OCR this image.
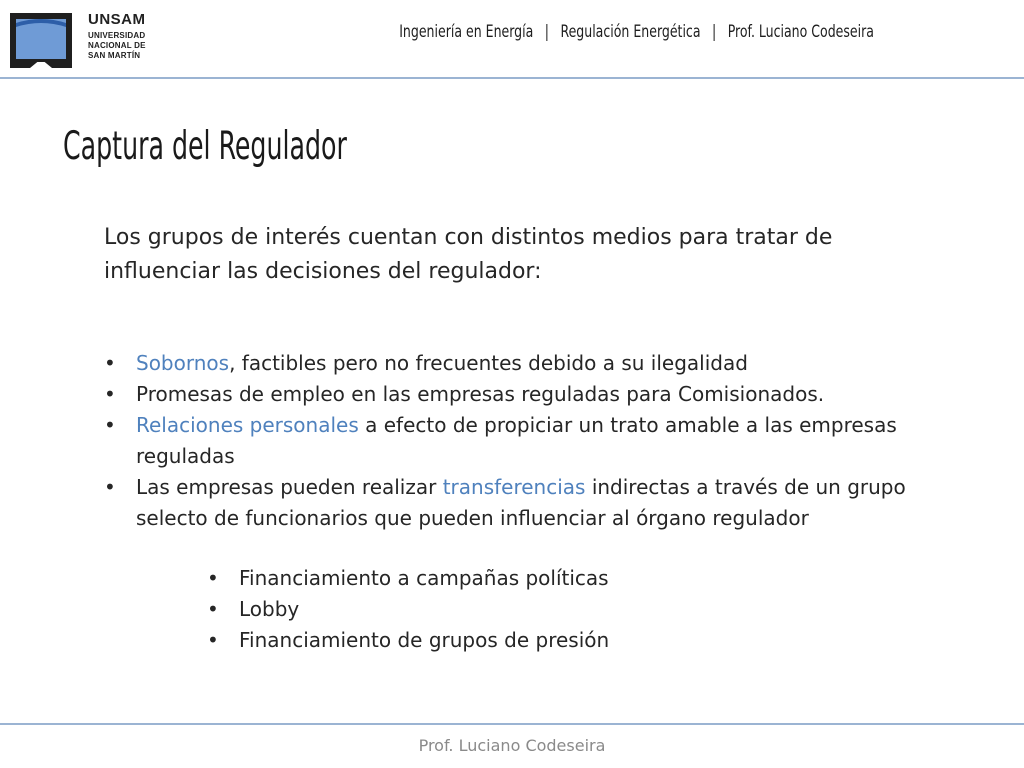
UNSAM
UNIVERSIDAD
NACIONAL DE
SAN MARTÍN
Ingeniería en Energía | Regulación Energética | Prof. Luciano Codeseira
Captura del Regulador
Los grupos de interés cuentan con distintos medios para tratar de influenciar las decisiones del regulador:
•	Sobornos, factibles pero no frecuentes debido a su ilegalidad
•	Promesas de empleo en las empresas reguladas para Comisionados.
•	Relaciones personales a efecto de propiciar un trato amable a las empresas reguladas
•	Las empresas pueden realizar transferencias indirectas a través de un grupo selecto de funcionarios que pueden influenciar al órgano regulador
•	Financiamiento a campañas políticas
•	Lobby
•	Financiamiento de grupos de presión
Prof. Luciano Codeseira
